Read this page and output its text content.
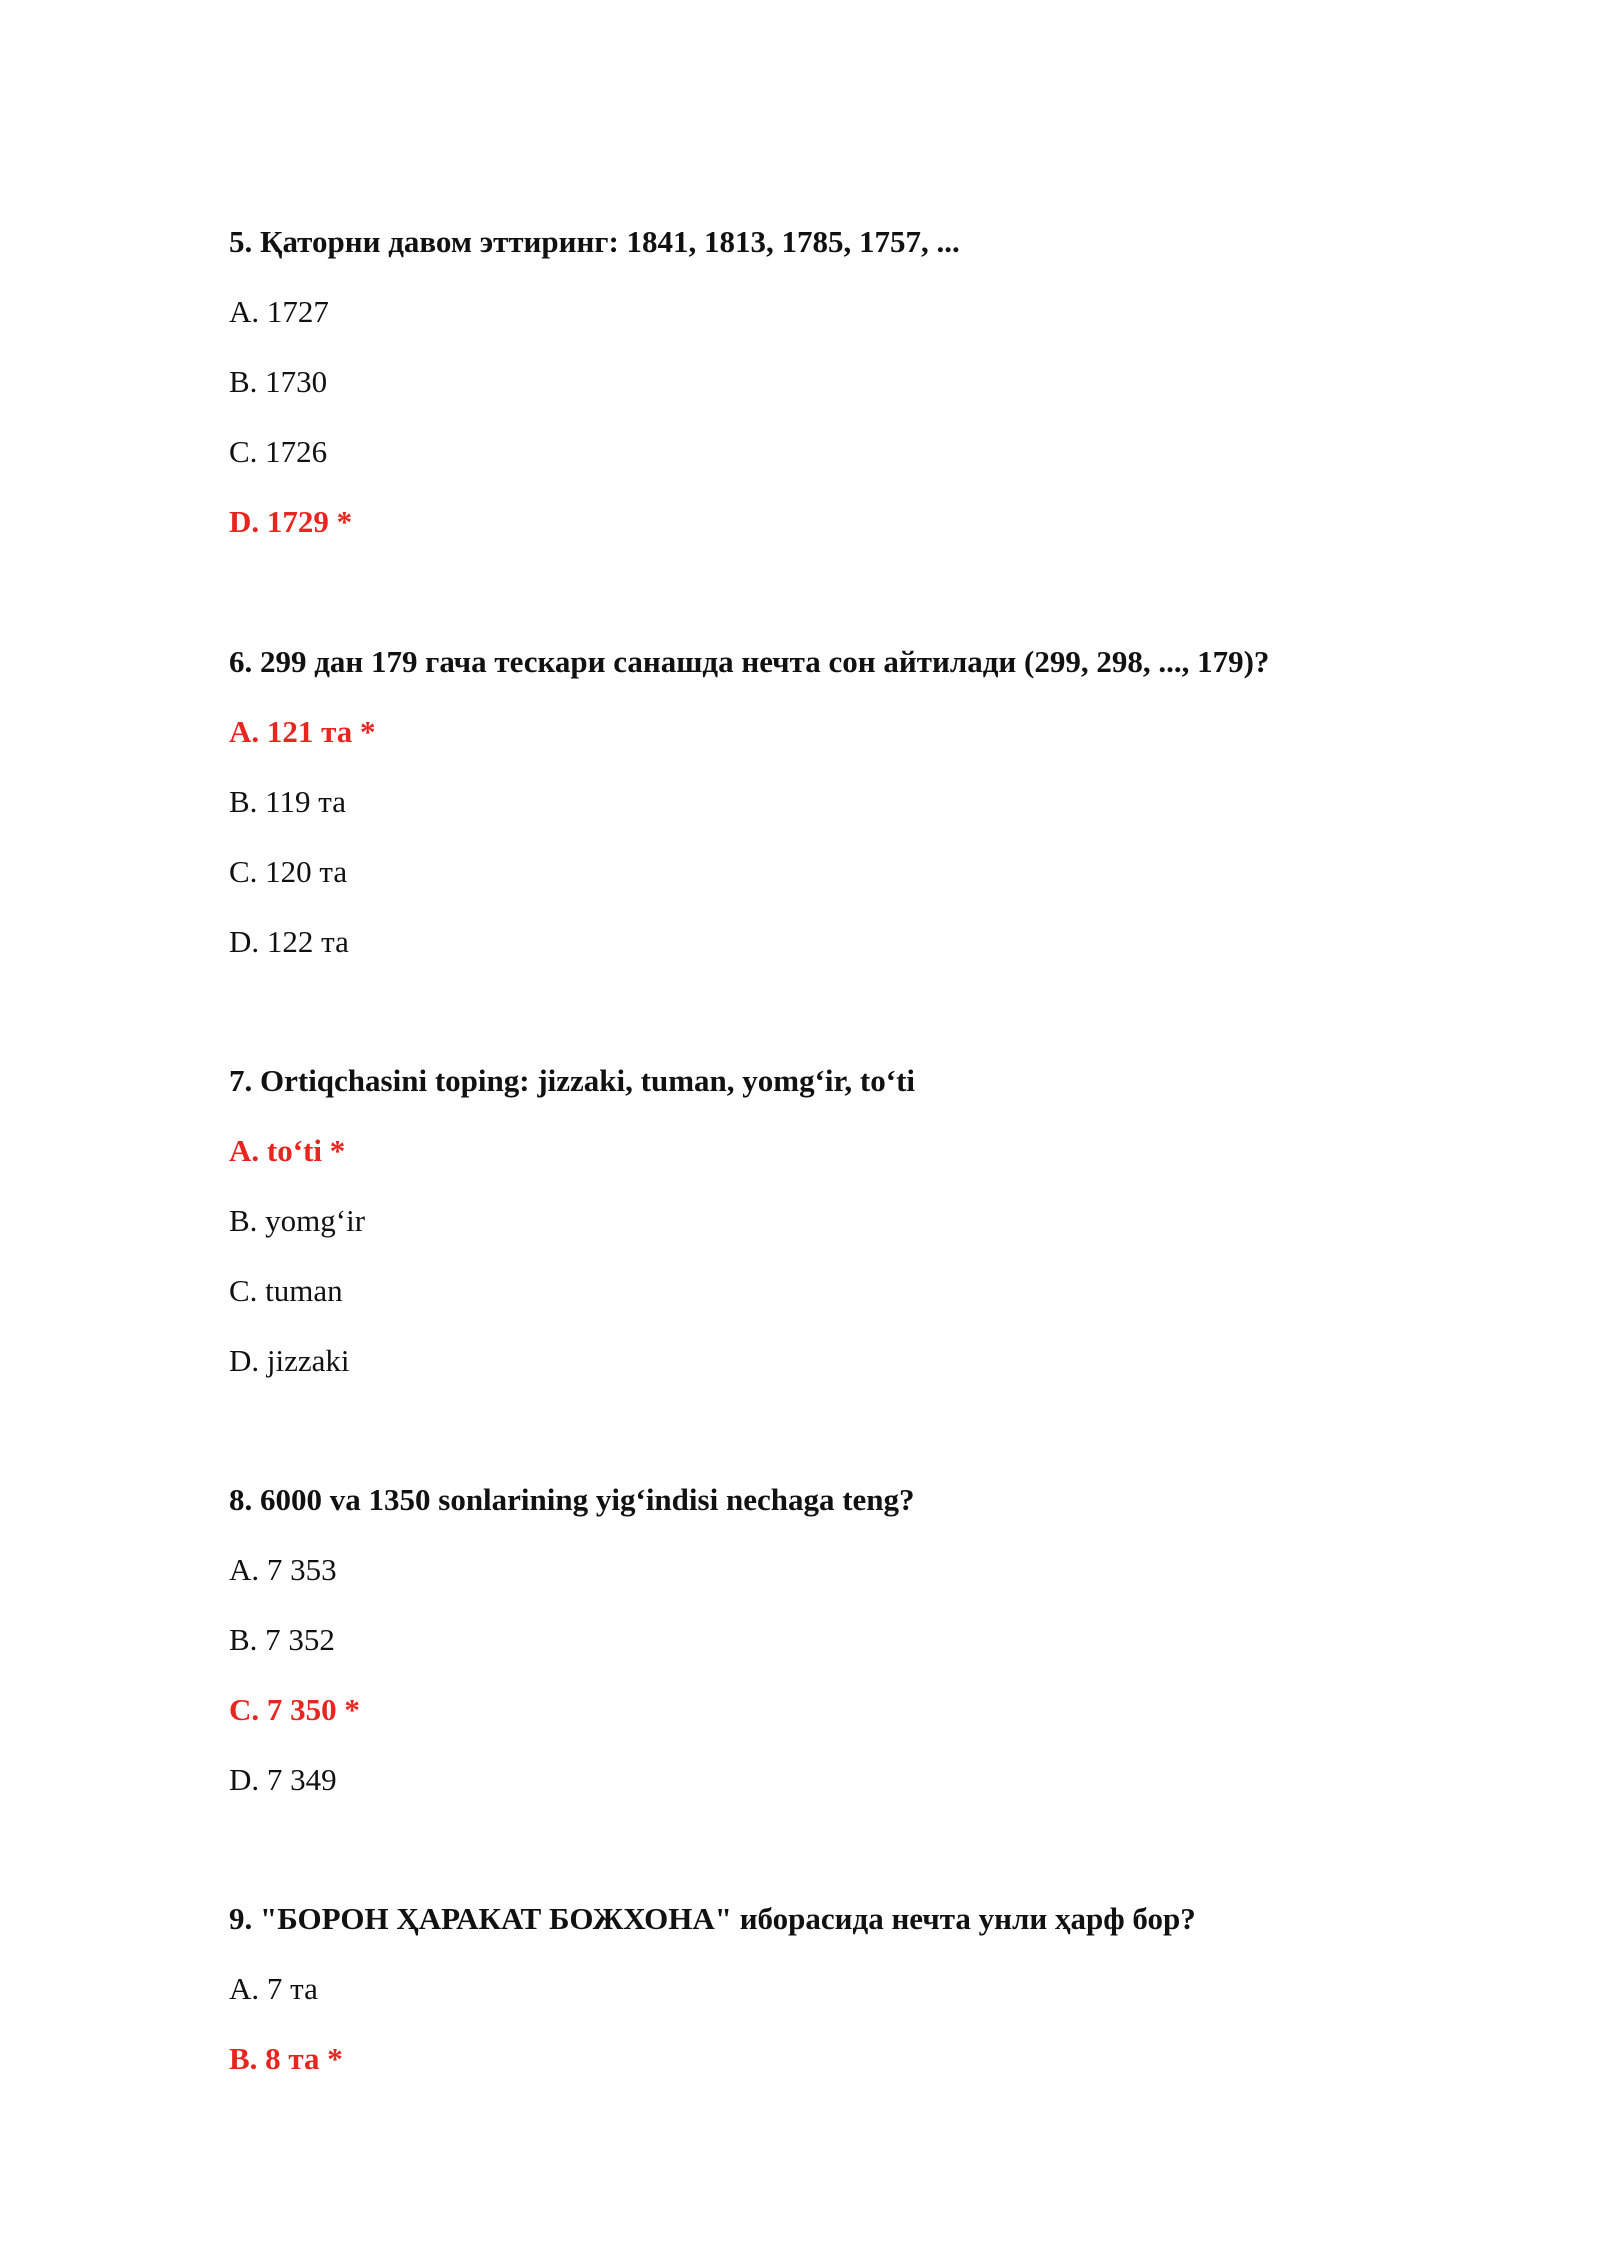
5. Қаторни давом эттиринг: 1841, 1813, 1785, 1757, ...

A. 1727
B. 1730
C. 1726
D. 1729 *

6. 299 дан 179 гача тескари санашда нечта сон айтилади (299, 298, ..., 179)?

A. 121 та *
B. 119 та
C. 120 та
D. 122 та

7. Ortiqchasini toping: jizzaki, tuman, yomg‘ir, to‘ti

A. to‘ti *
B. yomg‘ir
C. tuman
D. jizzaki

8. 6000 va 1350 sonlarining yig‘indisi nechaga teng?

A. 7 353
B. 7 352
C. 7 350 *
D. 7 349

9. "БОРОН ҲАРАКАТ БОЖХОНА" иборасида нечта унли ҳарф бор?

A. 7 та
B. 8 та *
